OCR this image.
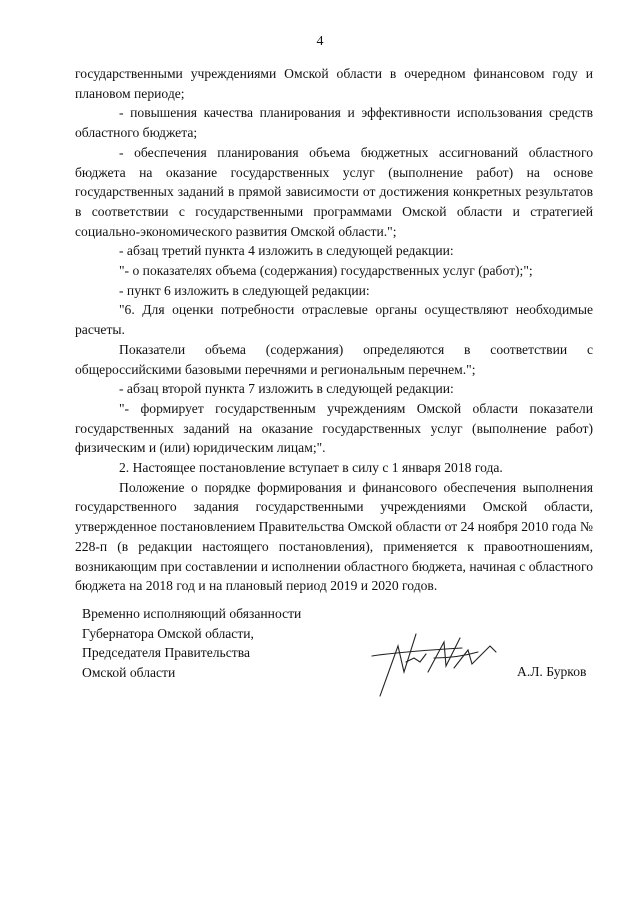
4

государственными учреждениями Омской области в очередном финансовом году и плановом периоде;

- повышения качества планирования и эффективности использования средств областного бюджета;

- обеспечения планирования объема бюджетных ассигнований областного бюджета на оказание государственных услуг (выполнение работ) на основе государственных заданий в прямой зависимости от достижения конкретных результатов в соответствии с государственными программами Омской области и стратегией социально-экономического развития Омской области.";

- абзац третий пункта 4 изложить в следующей редакции:

"- о показателях объема (содержания) государственных услуг (работ);";

- пункт 6 изложить в следующей редакции:

"6. Для оценки потребности отраслевые органы осуществляют необходимые расчеты.

Показатели объема (содержания) определяются в соответствии с общероссийскими базовыми перечнями и региональным перечнем.";

- абзац второй пункта 7 изложить в следующей редакции:

"- формирует государственным учреждениям Омской области показатели государственных заданий на оказание государственных услуг (выполнение работ) физическим и (или) юридическим лицам;".

2. Настоящее постановление вступает в силу с 1 января 2018 года.

Положение о порядке формирования и финансового обеспечения выполнения государственного задания государственными учреждениями Омской области, утвержденное постановлением Правительства Омской области от 24 ноября 2010 года № 228-п (в редакции настоящего постановления), применяется к правоотношениям, возникающим при составлении и исполнении областного бюджета, начиная с областного бюджета на 2018 год и на плановый период 2019 и 2020 годов.

Временно исполняющий обязанности
Губернатора Омской области,
Председателя Правительства
Омской области	А.Л. Бурков
